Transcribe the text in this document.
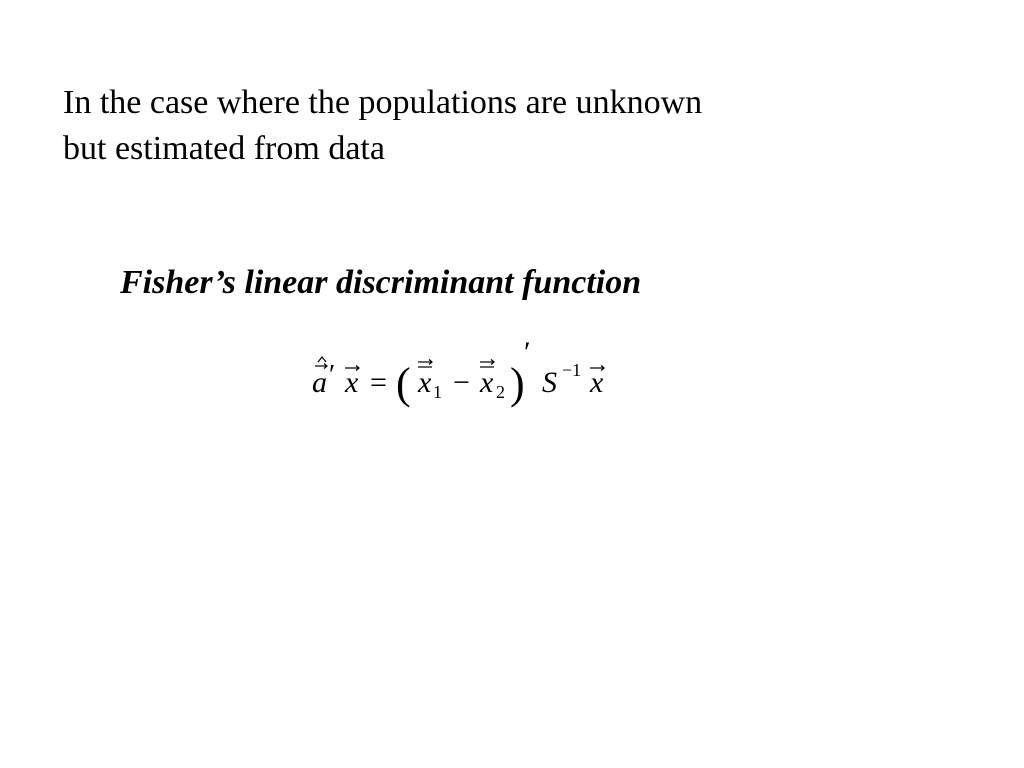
In the case where the populations are unknown
but estimated from data
Fisher’s linear discriminant function
a ′ x = ( x 1 − x 2 )
′
S −1 x
